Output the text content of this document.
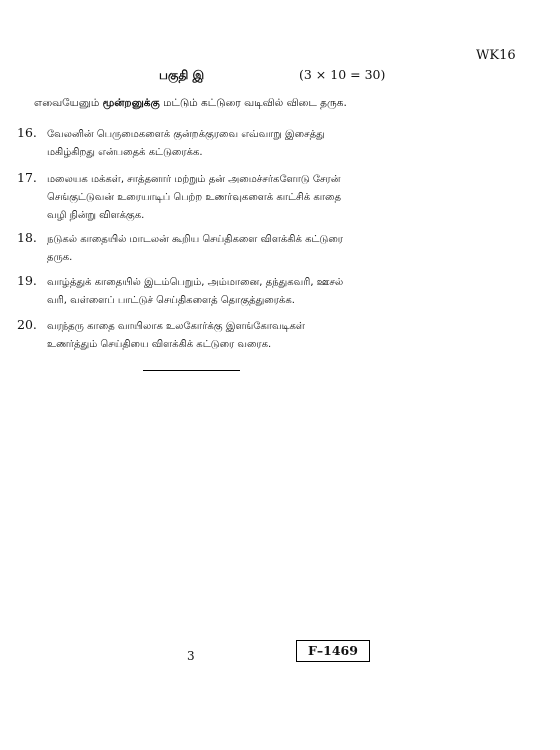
WK16
பகுதி இ	(3 × 10 = 30)
எவையேனும் மூன்றனுக்கு மட்டும் கட்டுரை வடிவில் விடை தருக.
16.	வேலனின் பெருமைகளைக் குன்றக்குரவை எவ்வாறு இசைத்து
மகிழ்கிறது என்பதைக் கட்டுரைக்க.
17.	மலையக மக்கள், சாத்தனார் மற்றும் தன் அமைச்சர்களோடு சேரன்
செங்குட்டுவன் உரையாடிப் பெற்ற உணர்வுகளைக் காட்சிக் காதை
வழி நின்று விளக்குக.
18.	நடுகல் காதையில் மாடலன் கூறிய செய்திகளை விளக்கிக் கட்டுரை
தருக.
19.	வாழ்த்துக் காதையில் இடம்பெறும், அம்மானை, தந்துகவரி, ஊசல்
வரி, வள்ளைப் பாட்டுச் செய்திகளைத் தொகுத்துரைக்க.
20.	வரந்தரு காதை வாயிலாக உலகோர்க்கு இளங்கோவடிகள்
உணர்த்தும் செய்தியை விளக்கிக் கட்டுரை வரைக.
3	F–1469
